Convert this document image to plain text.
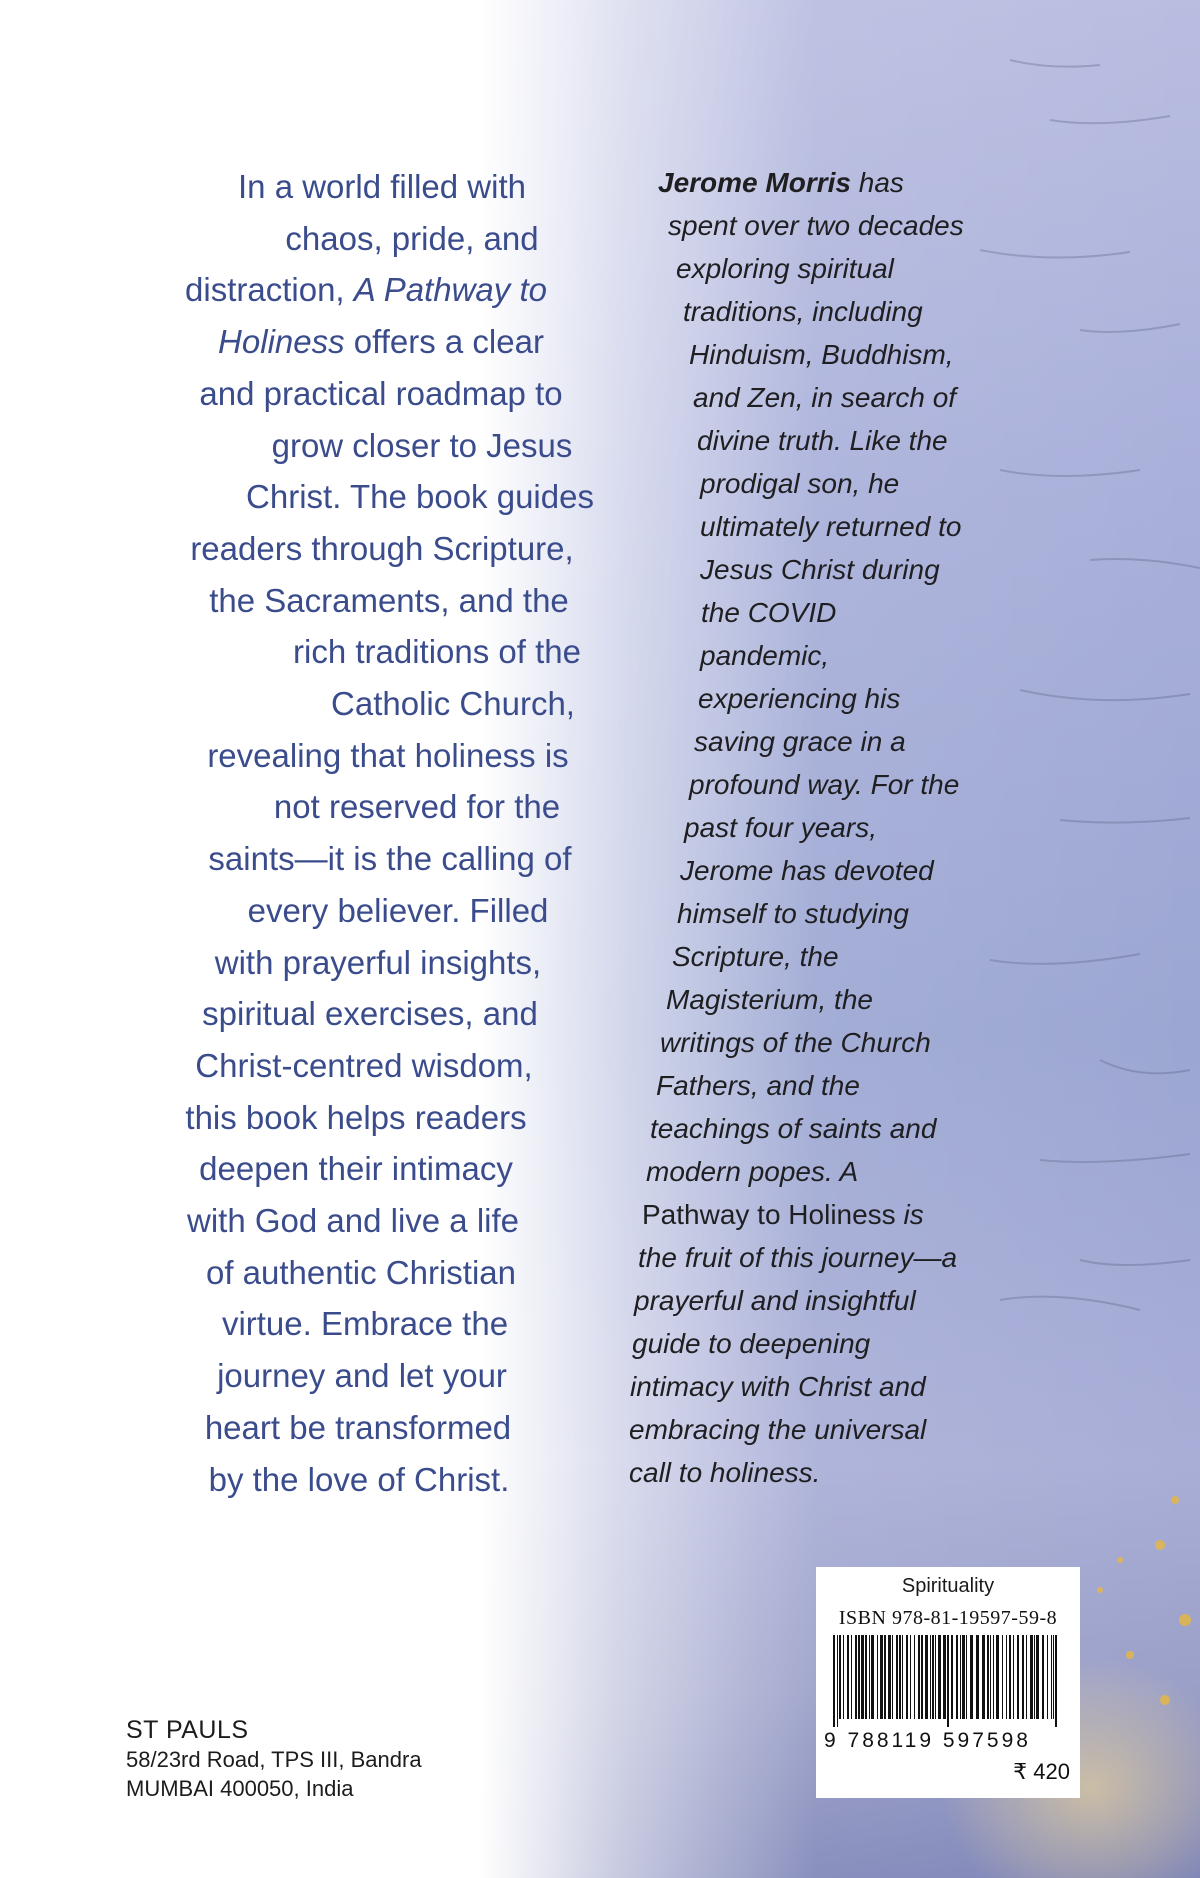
In a world filled with
chaos, pride, and
distraction, A Pathway to
Holiness offers a clear
and practical roadmap to
grow closer to Jesus
Christ. The book guides
readers through Scripture,
the Sacraments, and the
rich traditions of the
Catholic Church,
revealing that holiness is
not reserved for the
saints—it is the calling of
every believer. Filled
with prayerful insights,
spiritual exercises, and
Christ-centred wisdom,
this book helps readers
deepen their intimacy
with God and live a life
of authentic Christian
virtue. Embrace the
journey and let your
heart be transformed
by the love of Christ.
Jerome Morris has
spent over two decades
exploring spiritual
traditions, including
Hinduism, Buddhism,
and Zen, in search of
divine truth. Like the
prodigal son, he
ultimately returned to
Jesus Christ during
the COVID
pandemic,
experiencing his
saving grace in a
profound way. For the
past four years,
Jerome has devoted
himself to studying
Scripture, the
Magisterium, the
writings of the Church
Fathers, and the
teachings of saints and
modern popes. A
Pathway to Holiness is
the fruit of this journey—a
prayerful and insightful
guide to deepening
intimacy with Christ and
embracing the universal
call to holiness.
ST PAULS
58/23rd Road, TPS III, Bandra
MUMBAI 400050, India
Spirituality
ISBN 978-81-19597-59-8
9 788119 597598
₹ 420
